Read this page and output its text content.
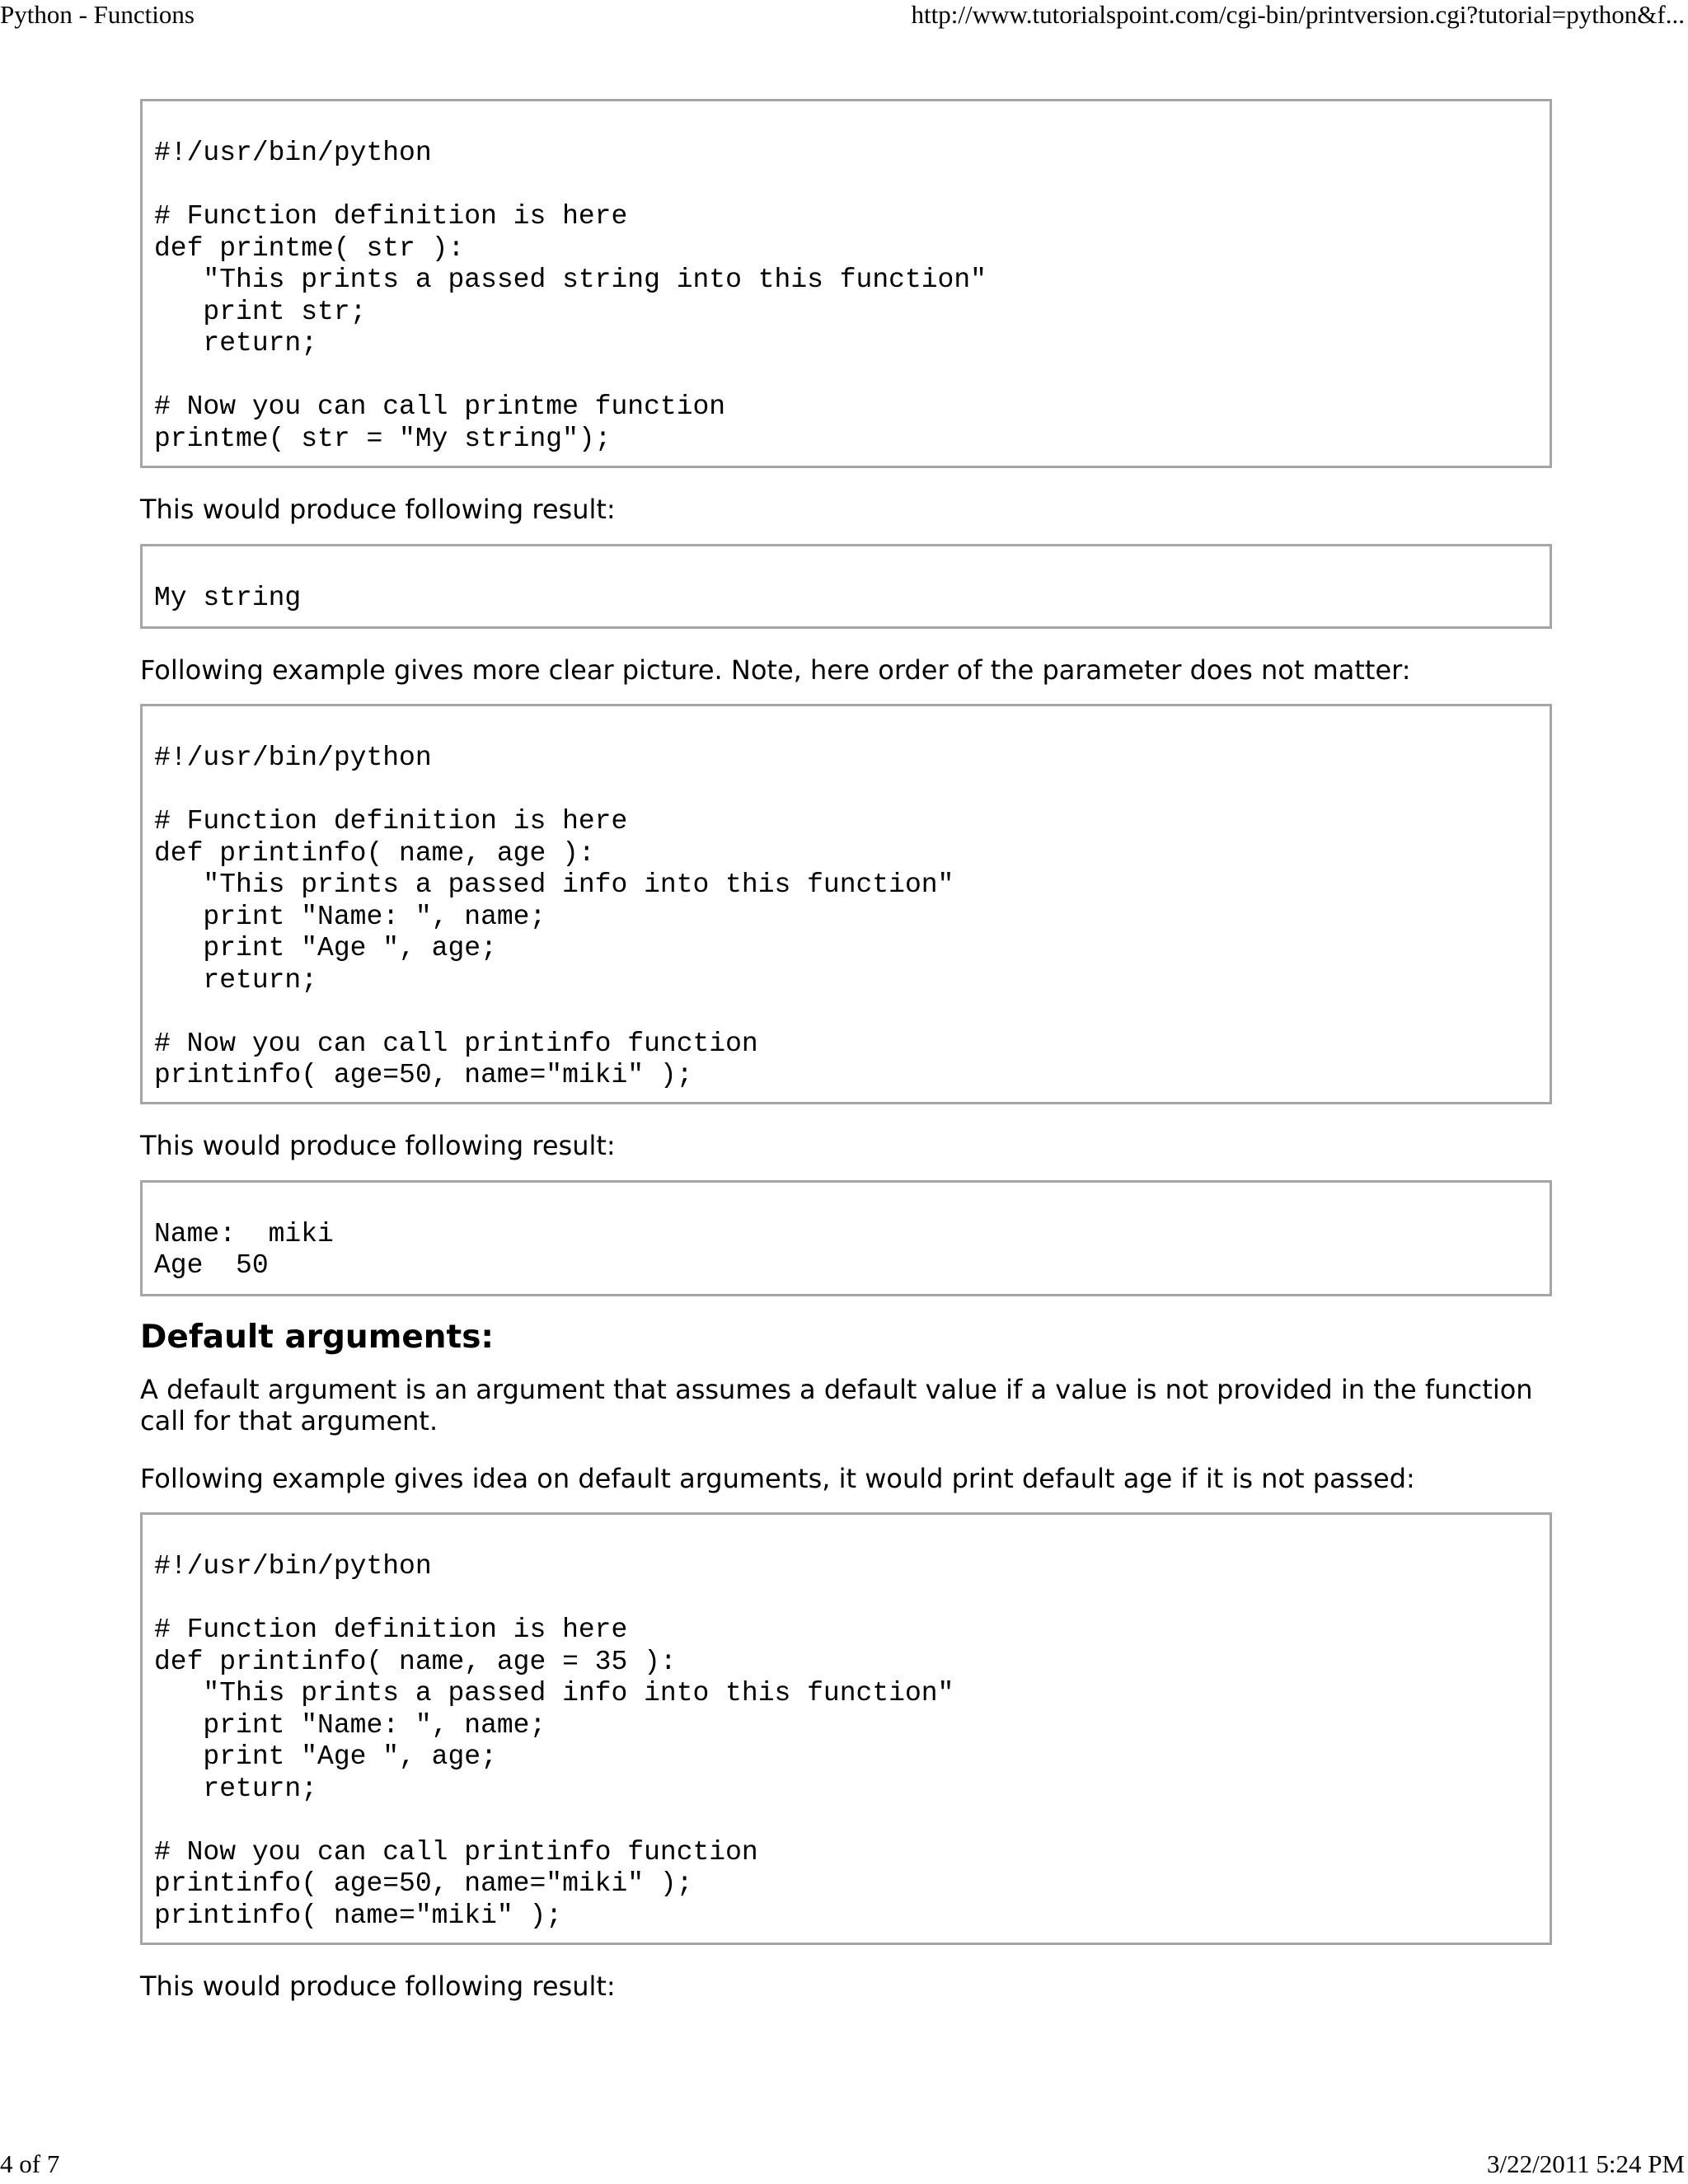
Python - Functions	http://www.tutorialspoint.com/cgi-bin/printversion.cgi?tutorial=python&f...
#!/usr/bin/python
# Function definition is here
def printme( str ):
"This prints a passed string into this function"
print str;
return;
# Now you can call printme function
printme( str = "My string");

This would produce following result:

My string

Following example gives more clear picture. Note, here order of the parameter does not matter:

#!/usr/bin/python
# Function definition is here
def printinfo( name, age ):
"This prints a passed info into this function"
print "Name: ", name;
print "Age ", age;
return;
# Now you can call printinfo function
printinfo( age=50, name="miki" );

This would produce following result:

Name:  miki
Age  50
Default arguments:

A default argument is an argument that assumes a default value if a value is not provided in the function call for that argument.

Following example gives idea on default arguments, it would print default age if it is not passed:

#!/usr/bin/python
# Function definition is here
def printinfo( name, age = 35 ):
"This prints a passed info into this function"
print "Name: ", name;
print "Age ", age;
return;
# Now you can call printinfo function
printinfo( age=50, name="miki" );
printinfo( name="miki" );

This would produce following result:

4 of 7	3/22/2011 5:24 PM
